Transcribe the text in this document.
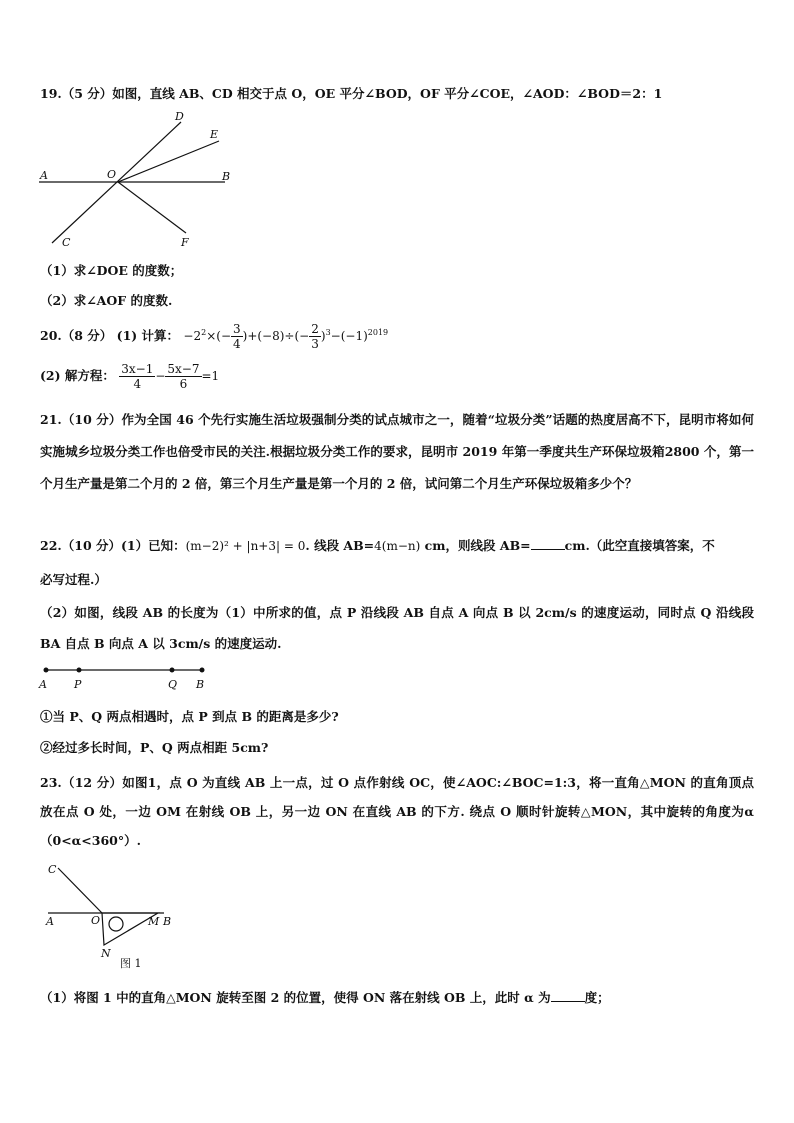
19.（5 分）如图，直线 AB、CD 相交于点 O，OE 平分∠BOD，OF 平分∠COE，∠AOD：∠BOD＝2：1
A	B
C
D
E
F
O
（1）求∠DOE 的度数；
（2）求∠AOF 的度数.
20.（8 分） (1) 计算： $-2^2\times(- \frac{3}{4} )+(-8)\div(- \frac{2}{3} )^3-(-1)^{2019}$
(2) 解方程： $\frac{3x-1}{4} - \frac{5x-7}{6} =1$
21.（10 分）作为全国 46 个先行实施生活垃圾强制分类的试点城市之一，随着“垃圾分类”话题的热度居高不下，昆明市将如何实施城乡垃圾分类工作也倍受市民的关注.根据垃圾分类工作的要求，昆明市 2019 年第一季度共生产环保垃圾箱2800 个，第一个月生产量是第二个月的 2 倍，第三个月生产量是第一个月的 2 倍，试问第二个月生产环保垃圾箱多少个？
22.（10 分）(1）已知：(m−2)² + |n+3| = 0. 线段 AB=4(m−n) cm，则线段 AB=	cm.（此空直接填答案，不
必写过程.）
（2）如图，线段 AB 的长度为（1）中所求的值，点 P 沿线段 AB 自点 A 向点 B 以 2cm/s 的速度运动，同时点 Q 沿线段 BA 自点 B 向点 A 以 3cm/s 的速度运动.
A P	Q B
①当 P、Q 两点相遇时，点 P 到点 B 的距离是多少?
②经过多长时间，P、Q 两点相距 5cm?
23.（12 分）如图1，点 O 为直线 AB 上一点，过 O 点作射线 OC，使∠AOC:∠BOC=1:3，将一直角△MON 的直角顶点放在点 O 处，一边 OM 在射线 OB 上，另一边 ON 在直线 AB 的下方. 绕点 O 顺时针旋转△MON，其中旋转的角度为α（0<α<360°）.
C
A	O	M B
N
图 1
（1）将图 1 中的直角△MON 旋转至图 2 的位置，使得 ON 落在射线 OB 上，此时 α 为	度；
